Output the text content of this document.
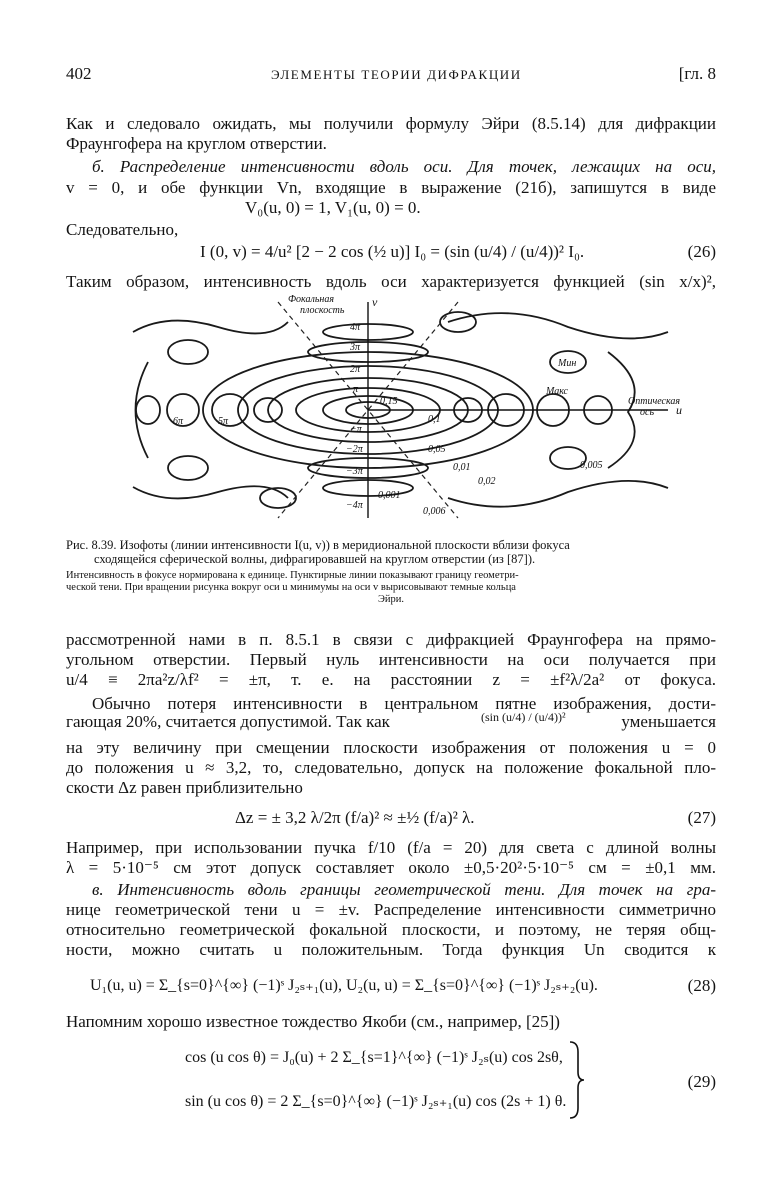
402	ЭЛЕМЕНТЫ ТЕОРИИ ДИФРАКЦИИ	[гл. 8
Как и следовало ожидать, мы получили формулу Эйри (8.5.14) для дифракции
Фраунгофера на круглом отверстии.
б. Распределение интенсивности вдоль оси. Для точек, лежащих на оси,
v = 0, и обе функции Vn, входящие в выражение (21б), запишутся в виде
V₀(u, 0) = 1, V₁(u, 0) = 0.
Следовательно,
I (0, v) = 4/u² [2 − 2 cos (½ u)] I₀ = (sin (u/4) / (u/4))² I₀.	(26)
Таким образом, интенсивность вдоль оси характеризуется функцией (sin x/x)²,
Фокальная
плоскость
v
u
Оптическая
ось
4π
3π
2π
π
−π
−2π
−3π
−4π
5π
6π
Мин
Макс
0,15
0,1
0,05
0,02
0,01	0,005
0,001
0,006
Рис. 8.39. Изофоты (линии интенсивности I(u, v)) в меридиональной плоскости вблизи фокуса
сходящейся сферической волны, дифрагировавшей на круглом отверстии (из [87]).
Интенсивность в фокусе нормирована к единице. Пунктирные линии показывают границу геометри-
ческой тени. При вращении рисунка вокруг оси u минимумы на оси v вырисовывают темные кольца
Эйри.
рассмотренной нами в п. 8.5.1 в связи с дифракцией Фраунгофера на прямо-
угольном отверстии. Первый нуль интенсивности на оси получается при
u/4 ≡ 2πa²z/λf² = ±π, т. е. на расстоянии z = ±f²λ/2a² от фокуса.
Обычно потеря интенсивности в центральном пятне изображения, дости-
гающая 20%, считается допустимой. Так как	(sin (u/4) / (u/4))²	уменьшается
на эту величину при смещении плоскости изображения от положения u = 0
до положения u ≈ 3,2, то, следовательно, допуск на положение фокальной пло-
скости Δz равен приблизительно
Δz = ± 3,2 λ/2π (f/a)² ≈ ±½ (f/a)² λ.	(27)
Например, при использовании пучка f/10 (f/a = 20) для света с длиной волны
λ = 5·10⁻⁵ см этот допуск составляет около ±0,5·20²·5·10⁻⁵ см = ±0,1 мм.
в. Интенсивность вдоль границы геометрической тени. Для точек на гра-
нице геометрической тени u = ±v. Распределение интенсивности симметрично
относительно геометрической фокальной плоскости, и поэтому, не теряя общ-
ности, можно считать u положительным. Тогда функция Un сводится к
U₁(u, u) = Σ_{s=0}^{∞} (−1)ˢ J₂ₛ₊₁(u), U₂(u, u) = Σ_{s=0}^{∞} (−1)ˢ J₂ₛ₊₂(u).	(28)
Напомним хорошо известное тождество Якоби (см., например, [25])
cos (u cos θ) = J₀(u) + 2 Σ_{s=1}^{∞} (−1)ˢ J₂ₛ(u) cos 2sθ,
sin (u cos θ) = 2 Σ_{s=0}^{∞} (−1)ˢ J₂ₛ₊₁(u) cos (2s + 1) θ.
(29)
